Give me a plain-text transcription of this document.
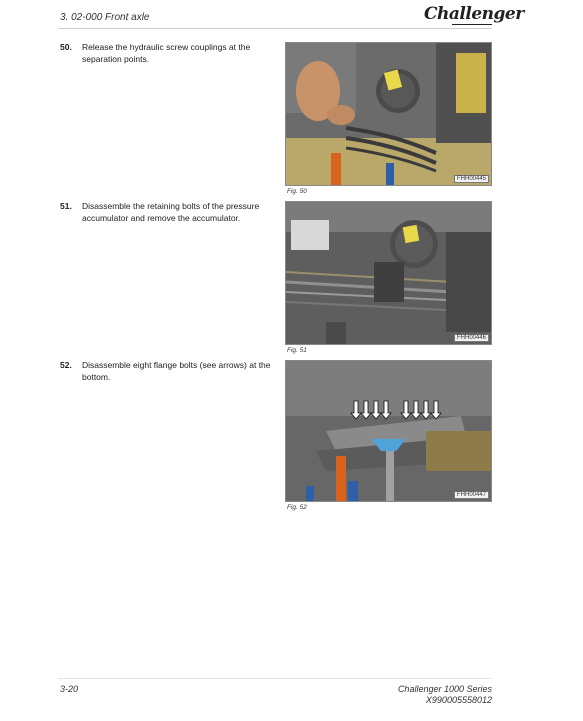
3. 02-000 Front axle	Challenger
50. Release the hydraulic screw couplings at the separation points.
FHH00445
Fig. 50
51. Disassemble the retaining bolts of the pressure accumulator and remove the accumulator.
FHH00446
Fig. 51
52. Disassemble eight flange bolts (see arrows) at the bottom.
FHH00447
Fig. 52
3-20	Challenger 1000 Series
X990005558012
